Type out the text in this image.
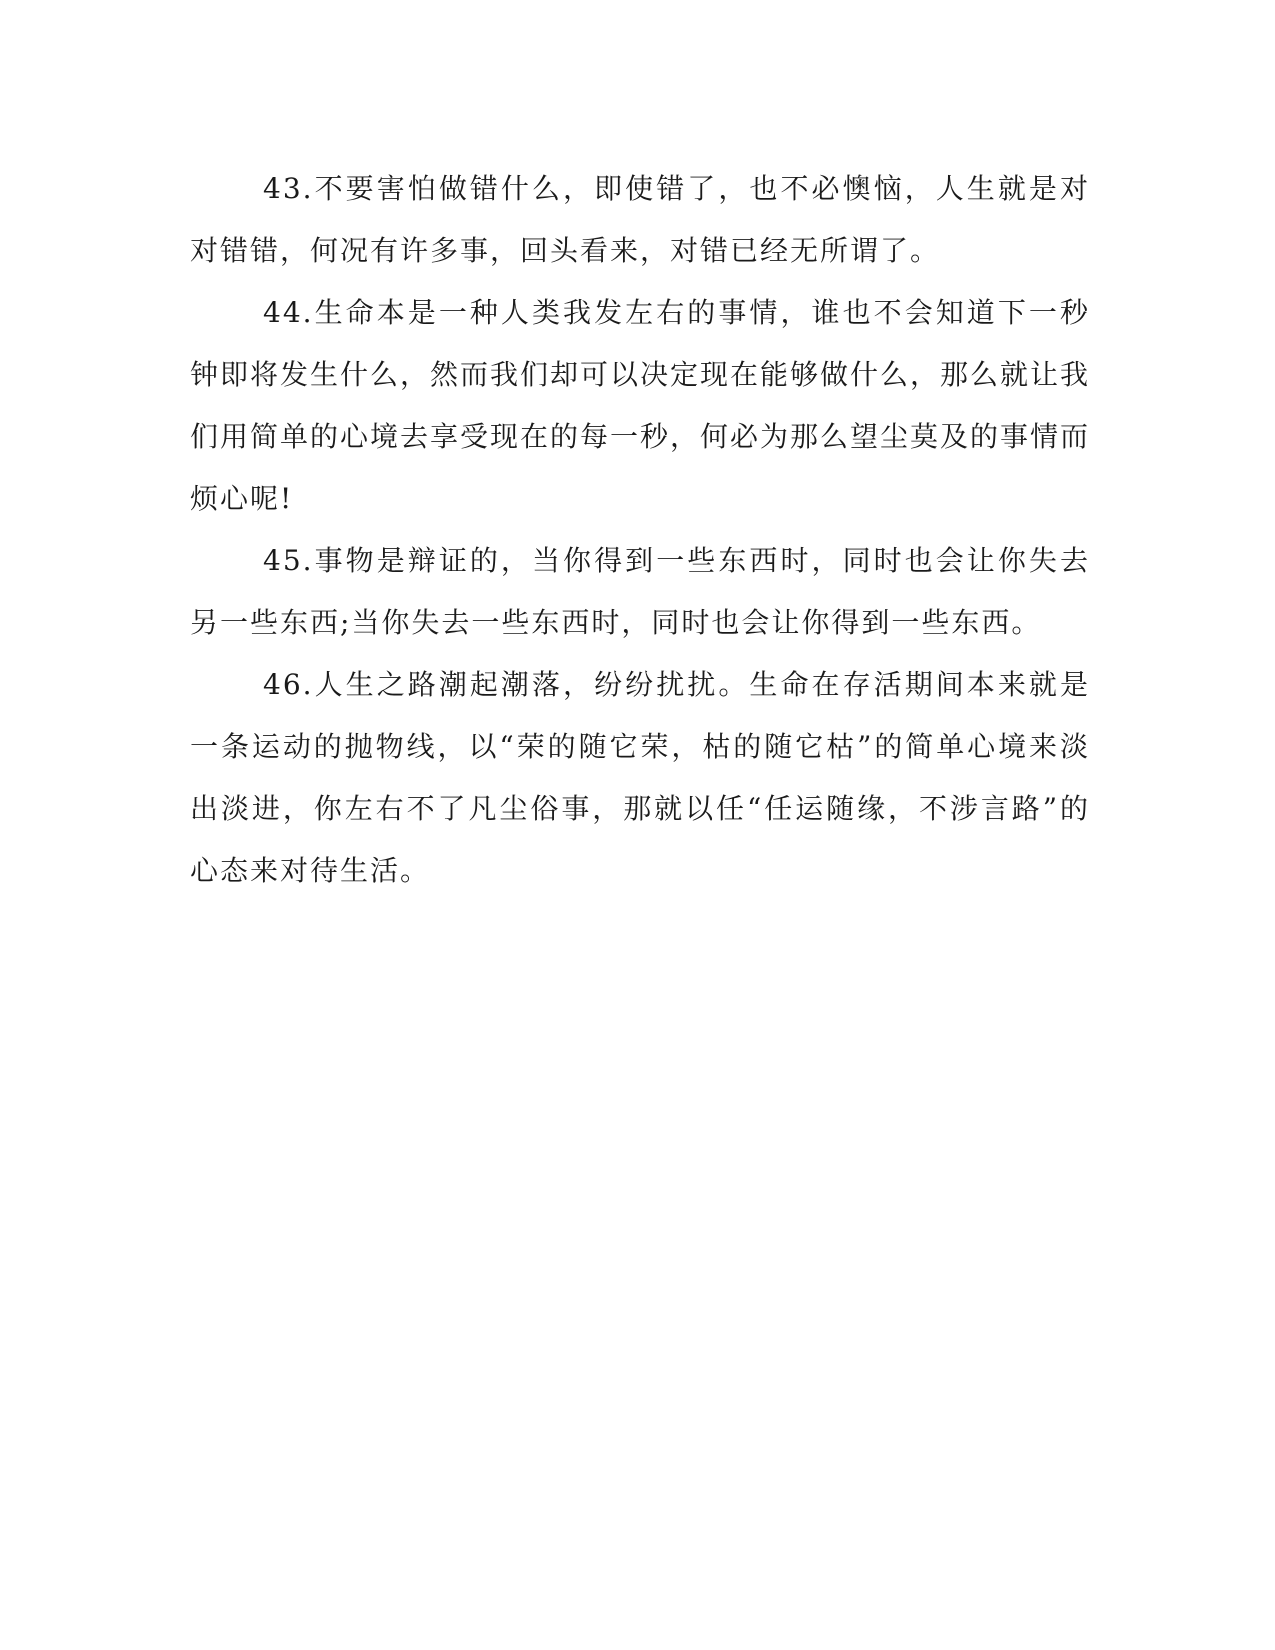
43.不要害怕做错什么，即使错了，也不必懊恼，人生就是对对错错，何况有许多事，回头看来，对错已经无所谓了。

44.生命本是一种人类我发左右的事情，谁也不会知道下一秒钟即将发生什么，然而我们却可以决定现在能够做什么，那么就让我们用简单的心境去享受现在的每一秒，何必为那么望尘莫及的事情而烦心呢!

45.事物是辩证的，当你得到一些东西时，同时也会让你失去另一些东西;当你失去一些东西时，同时也会让你得到一些东西。

46.人生之路潮起潮落，纷纷扰扰。生命在存活期间本来就是一条运动的抛物线，以“荣的随它荣，枯的随它枯”的简单心境来淡出淡进，你左右不了凡尘俗事，那就以任“任运随缘，不涉言路”的心态来对待生活。
